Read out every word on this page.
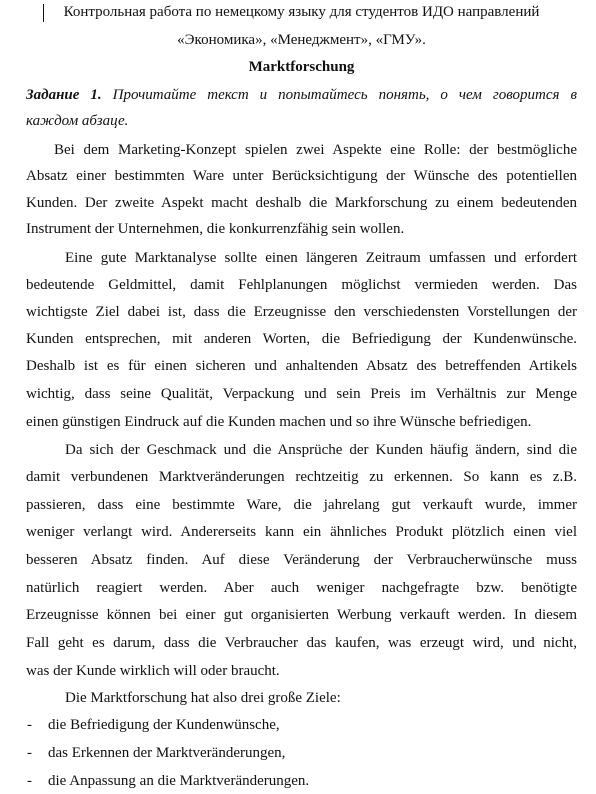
Контрольная работа по немецкому языку для студентов ИДО направлений
«Экономика», «Менеджмент», «ГМУ».
Marktforschung
Задание 1. Прочитайте текст и попытайтесь понять, о чем говорится в
каждом абзаце.
Bei dem Marketing-Konzept spielen zwei Aspekte eine Rolle: der bestmögliche
Absatz einer bestimmten Ware unter Berücksichtigung der Wünsche des potentiellen
Kunden. Der zweite Aspekt macht deshalb die Markforschung zu einem bedeutenden
Instrument der Unternehmen, die konkurrenzfähig sein wollen.
Eine gute Marktanalyse sollte einen längeren Zeitraum umfassen und erfordert
bedeutende Geldmittel, damit Fehlplanungen möglichst vermieden werden. Das
wichtigste Ziel dabei ist, dass die Erzeugnisse den verschiedensten Vorstellungen der
Kunden entsprechen, mit anderen Worten, die Befriedigung der Kundenwünsche.
Deshalb ist es für einen sicheren und anhaltenden Absatz des betreffenden Artikels
wichtig, dass seine Qualität, Verpackung und sein Preis im Verhältnis zur Menge
einen günstigen Eindruck auf die Kunden machen und so ihre Wünsche befriedigen.
Da sich der Geschmack und die Ansprüche der Kunden häufig ändern, sind die
damit verbundenen Marktveränderungen rechtzeitig zu erkennen. So kann es z.B.
passieren, dass eine bestimmte Ware, die jahrelang gut verkauft wurde, immer
weniger verlangt wird. Andererseits kann ein ähnliches Produkt plötzlich einen viel
besseren Absatz finden. Auf diese Veränderung der Verbraucherwünsche muss
natürlich reagiert werden. Aber auch weniger nachgefragte bzw. benötigte
Erzeugnisse können bei einer gut organisierten Werbung verkauft werden. In diesem
Fall geht es darum, dass die Verbraucher das kaufen, was erzeugt wird, und nicht,
was der Kunde wirklich will oder braucht.
Die Marktforschung hat also drei große Ziele:
- die Befriedigung der Kundenwünsche,
- das Erkennen der Marktveränderungen,
- die Anpassung an die Marktveränderungen.
